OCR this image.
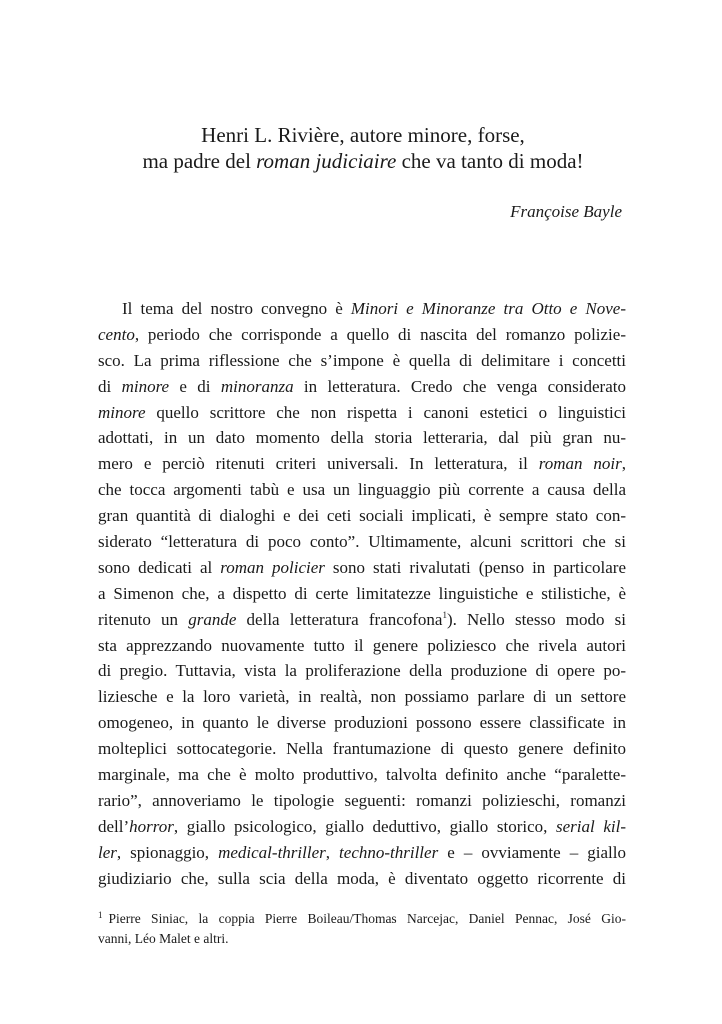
Henri L. Rivière, autore minore, forse,
ma padre del roman judiciaire che va tanto di moda!
Françoise Bayle
Il tema del nostro convegno è Minori e Minoranze tra Otto e Nove-
cento, periodo che corrisponde a quello di nascita del romanzo polizie-
sco. La prima riflessione che s’impone è quella di delimitare i concetti
di minore e di minoranza in letteratura. Credo che venga considerato
minore quello scrittore che non rispetta i canoni estetici o linguistici
adottati, in un dato momento della storia letteraria, dal più gran nu-
mero e perciò ritenuti criteri universali. In letteratura, il roman noir,
che tocca argomenti tabù e usa un linguaggio più corrente a causa della
gran quantità di dialoghi e dei ceti sociali implicati, è sempre stato con-
siderato “letteratura di poco conto”. Ultimamente, alcuni scrittori che si
sono dedicati al roman policier sono stati rivalutati (penso in particolare
a Simenon che, a dispetto di certe limitatezze linguistiche e stilistiche, è
ritenuto un grande della letteratura francofona$^1$). Nello stesso modo si
sta apprezzando nuovamente tutto il genere poliziesco che rivela autori
di pregio. Tuttavia, vista la proliferazione della produzione di opere po-
liziesche e la loro varietà, in realtà, non possiamo parlare di un settore
omogeneo, in quanto le diverse produzioni possono essere classificate in
molteplici sottocategorie. Nella frantumazione di questo genere definito
marginale, ma che è molto produttivo, talvolta definito anche “paralette-
rario”, annoveriamo le tipologie seguenti: romanzi polizieschi, romanzi
dell’horror, giallo psicologico, giallo deduttivo, giallo storico, serial kil-
ler, spionaggio, medical-thriller, techno-thriller e – ovviamente – giallo
giudiziario che, sulla scia della moda, è diventato oggetto ricorrente di
$^1$ Pierre Siniac, la coppia Pierre Boileau/Thomas Narcejac, Daniel Pennac, José Gio-
vanni, Léo Malet e altri.
